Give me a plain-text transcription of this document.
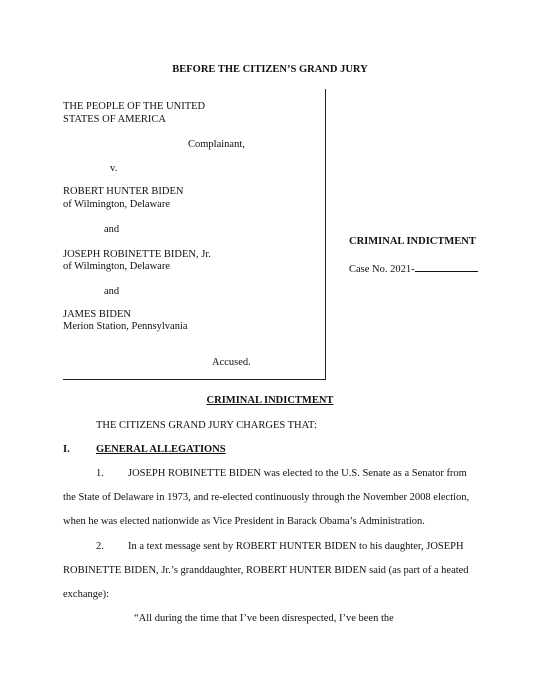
BEFORE THE CITIZEN’S GRAND JURY
THE PEOPLE OF THE UNITED
STATES OF AMERICA
Complainant,
v.
ROBERT HUNTER BIDEN
of Wilmington, Delaware
and
JOSEPH ROBINETTE BIDEN, Jr.
of Wilmington, Delaware
and
JAMES BIDEN
Merion Station, Pennsylvania
Accused.
CRIMINAL INDICTMENT
Case No. 2021-
CRIMINAL INDICTMENT
THE CITIZENS GRAND JURY CHARGES THAT:
I.	GENERAL ALLEGATIONS
1. JOSEPH ROBINETTE BIDEN was elected to the U.S. Senate as a Senator from
the State of Delaware in 1973, and re-elected continuously through the November 2008 election,
when he was elected nationwide as Vice President in Barack Obama’s Administration.
2. In a text message sent by ROBERT HUNTER BIDEN to his daughter, JOSEPH
ROBINETTE BIDEN, Jr.’s granddaughter, ROBERT HUNTER BIDEN said (as part of a heated
exchange):
“All during the time that I’ve been disrespected, I’ve been the
